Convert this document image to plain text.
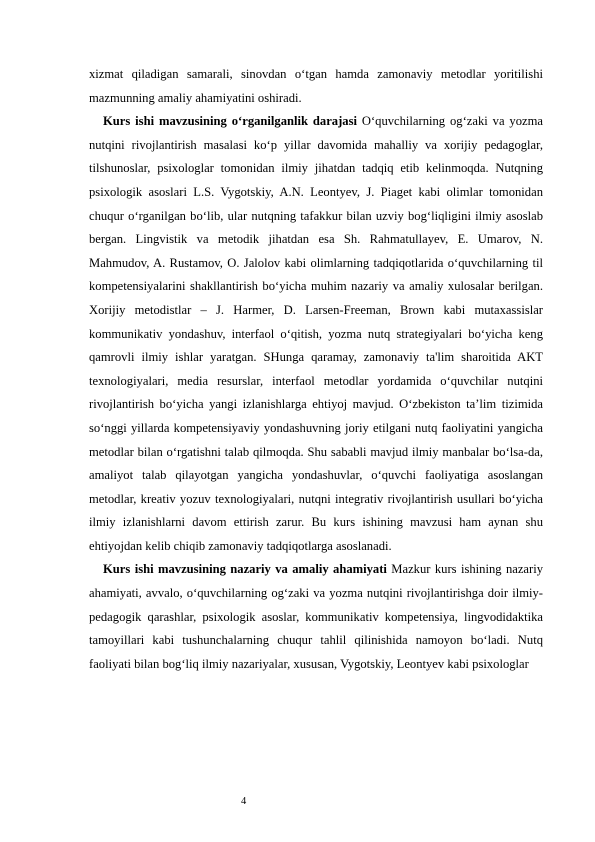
xizmat qiladigan samarali, sinovdan o‘tgan hamda zamonaviy metodlar yoritilishi mazmunning amaliy ahamiyatini oshiradi.

Kurs ishi mavzusining o‘rganilganlik darajasi O‘quvchilarning og‘zaki va yozma nutqini rivojlantirish masalasi ko‘p yillar davomida mahalliy va xorijiy pedagoglar, tilshunoslar, psixologlar tomonidan ilmiy jihatdan tadqiq etib kelinmoqda. Nutqning psixologik asoslari L.S. Vygotskiy, A.N. Leontyev, J. Piaget kabi olimlar tomonidan chuqur o‘rganilgan bo‘lib, ular nutqning tafakkur bilan uzviy bog‘liqligini ilmiy asoslab bergan. Lingvistik va metodik jihatdan esa Sh. Rahmatullayev, E. Umarov, N. Mahmudov, A. Rustamov, O. Jalolov kabi olimlarning tadqiqotlarida o‘quvchilarning til kompetensiyalarini shakllantirish bo‘yicha muhim nazariy va amaliy xulosalar berilgan. Xorijiy metodistlar – J. Harmer, D. Larsen-Freeman, Brown kabi mutaxassislar kommunikativ yondashuv, interfaol o‘qitish, yozma nutq strategiyalari bo‘yicha keng qamrovli ilmiy ishlar yaratgan. SHunga qaramay, zamonaviy ta'lim sharoitida AKT texnologiyalari, media resurslar, interfaol metodlar yordamida o‘quvchilar nutqini rivojlantirish bo‘yicha yangi izlanishlarga ehtiyoj mavjud. O‘zbekiston ta’lim tizimida so‘nggi yillarda kompetensiyaviy yondashuvning joriy etilgani nutq faoliyatini yangicha metodlar bilan o‘rgatishni talab qilmoqda. Shu sababli mavjud ilmiy manbalar bo‘lsa-da, amaliyot talab qilayotgan yangicha yondashuvlar, o‘quvchi faoliyatiga asoslangan metodlar, kreativ yozuv texnologiyalari, nutqni integrativ rivojlantirish usullari bo‘yicha ilmiy izlanishlarni davom ettirish zarur. Bu kurs ishining mavzusi ham aynan shu ehtiyojdan kelib chiqib zamonaviy tadqiqotlarga asoslanadi.

Kurs ishi mavzusining nazariy va amaliy ahamiyati Mazkur kurs ishining nazariy ahamiyati, avvalo, o‘quvchilarning og‘zaki va yozma nutqini rivojlantirishga doir ilmiy-pedagogik qarashlar, psixologik asoslar, kommunikativ kompetensiya, lingvodidaktika tamoyillari kabi tushunchalarning chuqur tahlil qilinishida namoyon bo‘ladi. Nutq faoliyati bilan bog‘liq ilmiy nazariyalar, xususan, Vygotskiy, Leontyev kabi psixologlar

4
